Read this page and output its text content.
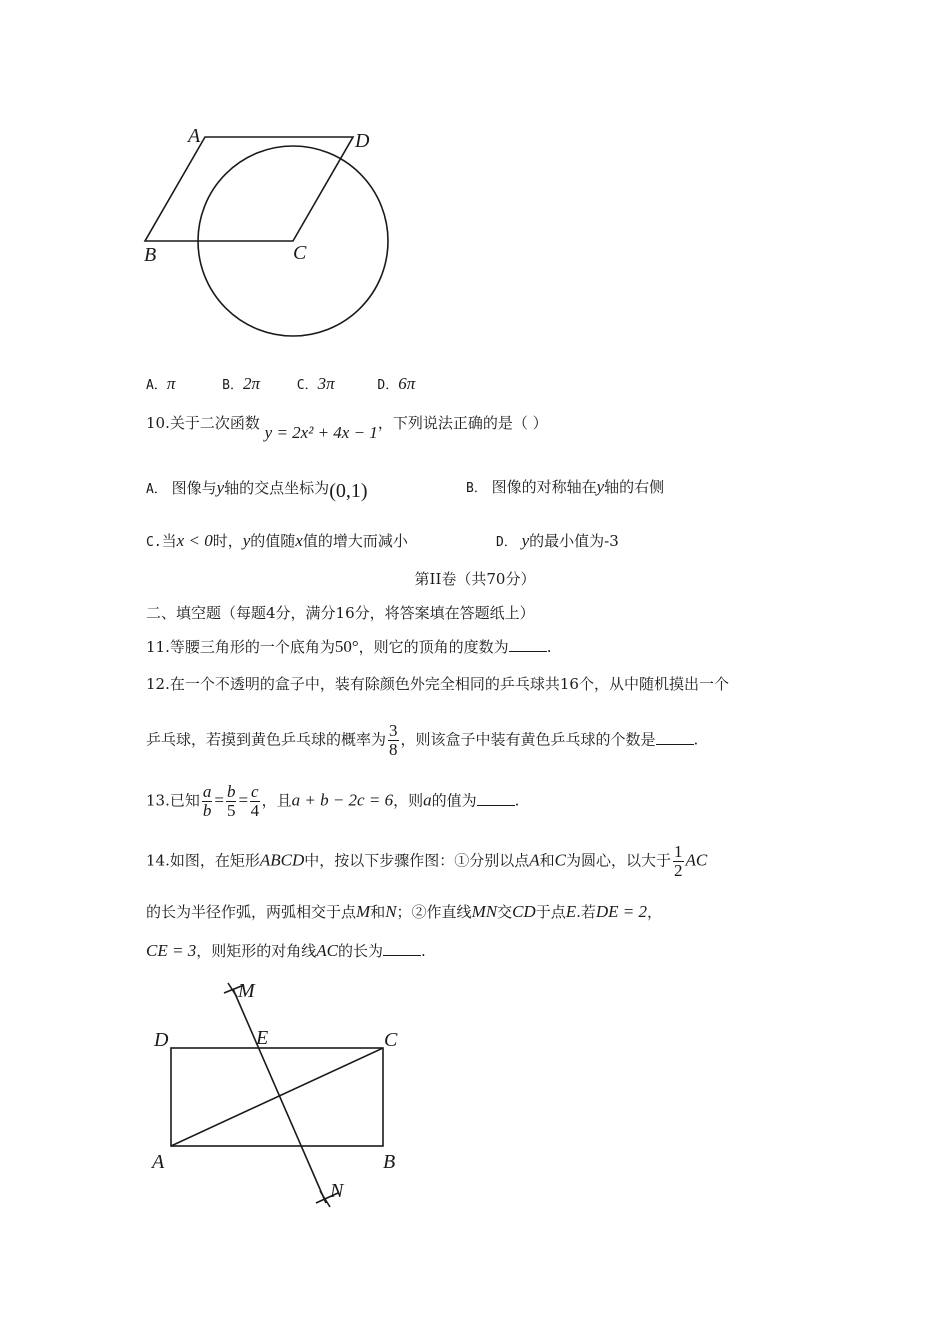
A	D
B	C
A．π	B．2π	C．3π	D．6π
10.关于二次函数 y = 2x² + 4x − 1，下列说法正确的是（ ）
A． 图像与y轴的交点坐标为(0,1)	B． 图像的对称轴在y轴的右侧
C.当x < 0时，y的值随x值的增大而减小	D． y的最小值为-3
第II卷（共70分）
二、填空题（每题4分，满分16分，将答案填在答题纸上）
11.等腰三角形的一个底角为50°，则它的顶角的度数为	.
12.在一个不透明的盒子中，装有除颜色外完全相同的乒乓球共16个，从中随机摸出一个
乒乓球，若摸到黄色乒乓球的概率为 $\frac{3}{8}$ ，则该盒子中装有黄色乒乓球的个数是	.
13.已知 $\frac{a}{b} = \frac{b}{5} = \frac{c}{4}$ ，且a + b − 2c = 6，则a的值为	.
14.如图，在矩形ABCD中，按以下步骤作图：①分别以点A和C为圆心，以大于 $\frac{1}{2}$ AC
的长为半径作弧，两弧相交于点M和N；②作直线MN交CD于点E.若DE = 2，
CE = 3，则矩形的对角线AC的长为	.
M
D	E	C
A	B
N
